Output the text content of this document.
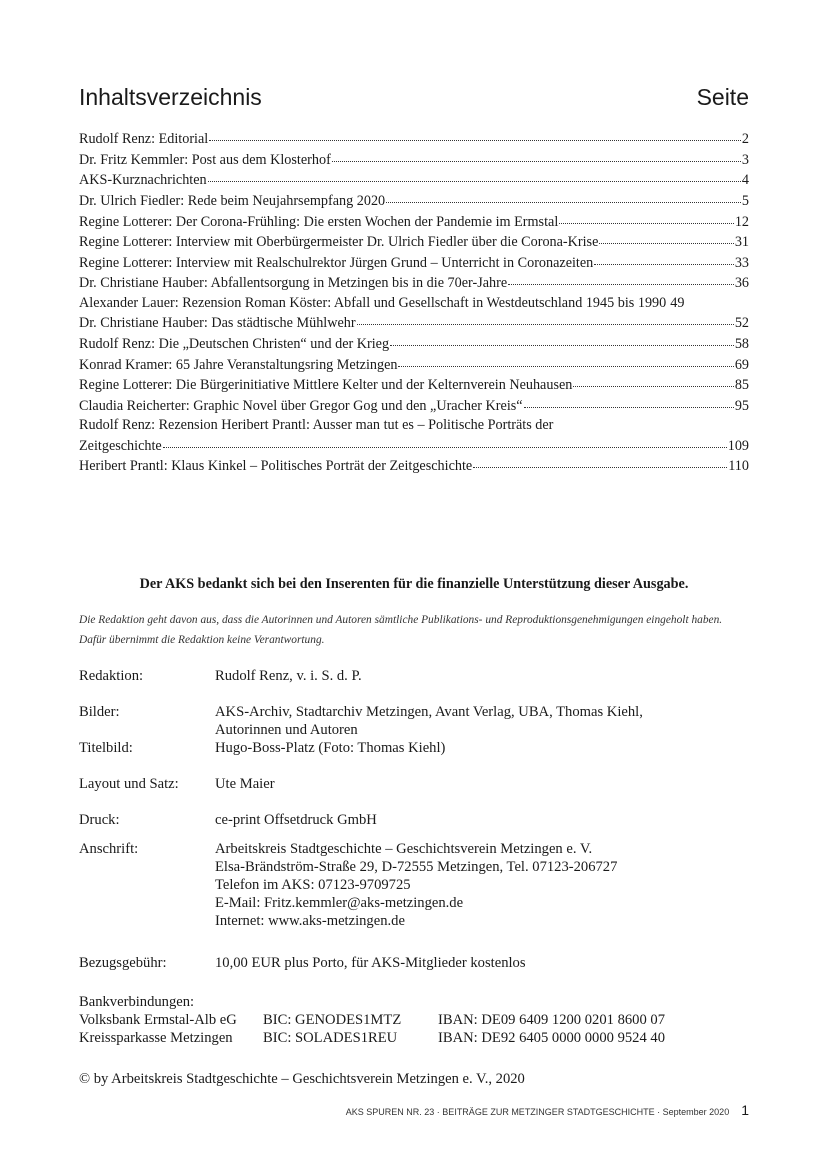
Inhaltsverzeichnis	Seite
Rudolf Renz: Editorial	2
Dr. Fritz Kemmler: Post aus dem Klosterhof	3
AKS-Kurznachrichten	4
Dr. Ulrich Fiedler: Rede beim Neujahrsempfang 2020	5
Regine Lotterer: Der Corona-Frühling: Die ersten Wochen der Pandemie im Ermstal	12
Regine Lotterer: Interview mit Oberbürgermeister Dr. Ulrich Fiedler über die Corona-Krise	31
Regine Lotterer: Interview mit Realschulrektor Jürgen Grund – Unterricht in Coronazeiten	33
Dr. Christiane Hauber: Abfallentsorgung in Metzingen bis in die 70er-Jahre	36
Alexander Lauer: Rezension Roman Köster: Abfall und Gesellschaft in Westdeutschland 1945 bis 1990 49
Dr. Christiane Hauber: Das städtische Mühlwehr	52
Rudolf Renz: Die „Deutschen Christen“ und der Krieg	58
Konrad Kramer: 65 Jahre Veranstaltungsring Metzingen	69
Regine Lotterer: Die Bürgerinitiative Mittlere Kelter und der Kelternverein Neuhausen	85
Claudia Reicherter: Graphic Novel über Gregor Gog und den „Uracher Kreis“	95
Rudolf Renz: Rezension Heribert Prantl: Ausser man tut es – Politische Porträts der
Zeitgeschichte	109
Heribert Prantl: Klaus Kinkel – Politisches Porträt der Zeitgeschichte	110
Der AKS bedankt sich bei den Inserenten für die finanzielle Unterstützung dieser Ausgabe.
Die Redaktion geht davon aus, dass die Autorinnen und Autoren sämtliche Publikations- und Reproduktionsgenehmigungen eingeholt haben. Dafür übernimmt die Redaktion keine Verantwortung.
Redaktion:	Rudolf Renz, v. i. S. d. P.
Bilder:	AKS-Archiv, Stadtarchiv Metzingen, Avant Verlag, UBA, Thomas Kiehl,
Autorinnen und Autoren
Titelbild:	Hugo-Boss-Platz (Foto: Thomas Kiehl)
Layout und Satz: Ute Maier
Druck:	ce-print Offsetdruck GmbH
Anschrift:	Arbeitskreis Stadtgeschichte – Geschichtsverein Metzingen e. V.
Elsa-Brändström-Straße 29, D-72555 Metzingen, Tel. 07123-206727
Telefon im AKS: 07123-9709725
E-Mail: Fritz.kemmler@aks-metzingen.de
Internet: www.aks-metzingen.de
Bezugsgebühr:	10,00 EUR plus Porto, für AKS-Mitglieder kostenlos
Bankverbindungen:
Volksbank Ermstal-Alb eG BIC: GENODES1MTZ	IBAN: DE09 6409 1200 0201 8600 07
Kreissparkasse Metzingen BIC: SOLADES1REU	IBAN: DE92 6405 0000 0000 9524 40
© by Arbeitskreis Stadtgeschichte – Geschichtsverein Metzingen e. V., 2020
AKS SPUREN NR. 23 · BEITRÄGE ZUR METZINGER STADTGESCHICHTE · September 2020 1
